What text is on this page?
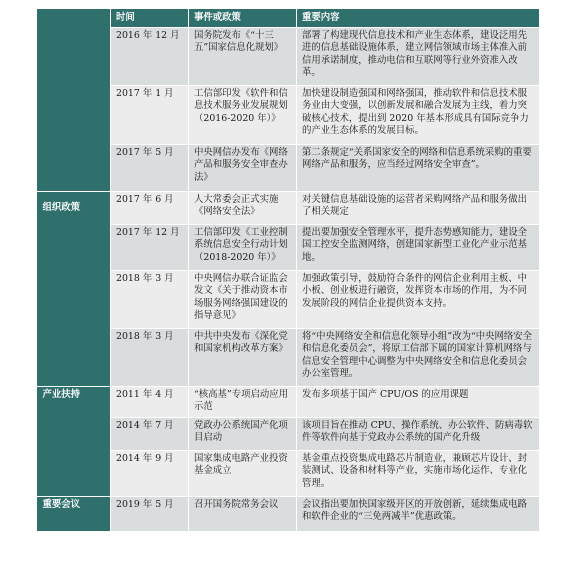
	时间	事件或政策	重要内容
	2016 年 12 月	国务院发布《“十三五”国家信息化规划》	部署了构建现代信息技术和产业生态体系，建设泛用先进的信息基础设施体系，建立网信领域市场主体准入前信用承诺制度，推动电信和互联网等行业外资准入改革。
	2017 年 1 月	工信部印发《软件和信息技术服务业发展规划（2016-2020 年）》	加快建设制造强国和网络强国，推动软件和信息技术服务业由大变强，以创新发展和融合发展为主线，着力突破核心技术，提出到 2020 年基本形成具有国际竞争力的产业生态体系的发展目标。
	2017 年 5 月	中央网信办发布《网络产品和服务安全审查办法》	第二条规定“关系国家安全的网络和信息系统采购的重要网络产品和服务，应当经过网络安全审查”。
组织政策	2017 年 6 月	人大常委会正式实施《网络安全法》	对关键信息基础设施的运营者采购网络产品和服务做出了相关规定
	2017 年 12 月	工信部印发《工业控制系统信息安全行动计划（2018-2020 年）》	提出要加强安全管理水平，提升态势感知能力，建设全国工控安全监测网络，创建国家新型工业化产业示范基地。
	2018 年 3 月	中央网信办联合证监会发文《关于推动资本市场服务网络强国建设的指导意见》	加强政策引导，鼓励符合条件的网信企业利用主板、中小板、创业板进行融资，发挥资本市场的作用，为不同发展阶段的网信企业提供资本支持。
	2018 年 3 月	中共中央发布《深化党和国家机构改革方案》	将“中央网络安全和信息化领导小组”改为“中央网络安全和信息化委员会”，将原工信部下属的国家计算机网络与信息安全管理中心调整为中央网络安全和信息化委员会办公室管理。
产业扶持	2011 年 4 月	“核高基”专项启动应用示范	发布多项基于国产 CPU/OS 的应用课题
	2014 年 7 月	党政办公系统国产化项目启动	该项目旨在推动 CPU、操作系统、办公软件、防病毒软件等软件向基于党政办公系统的国产化升级
	2014 年 9 月	国家集成电路产业投资基金成立	基金重点投资集成电路芯片制造业，兼顾芯片设计、封装测试、设备和材料等产业，实施市场化运作、专业化管理。
重要会议	2019 年 5 月	召开国务院常务会议	会议指出要加快国家级开区的开放创新，延续集成电路和软件企业的“三免两减半”优惠政策。
